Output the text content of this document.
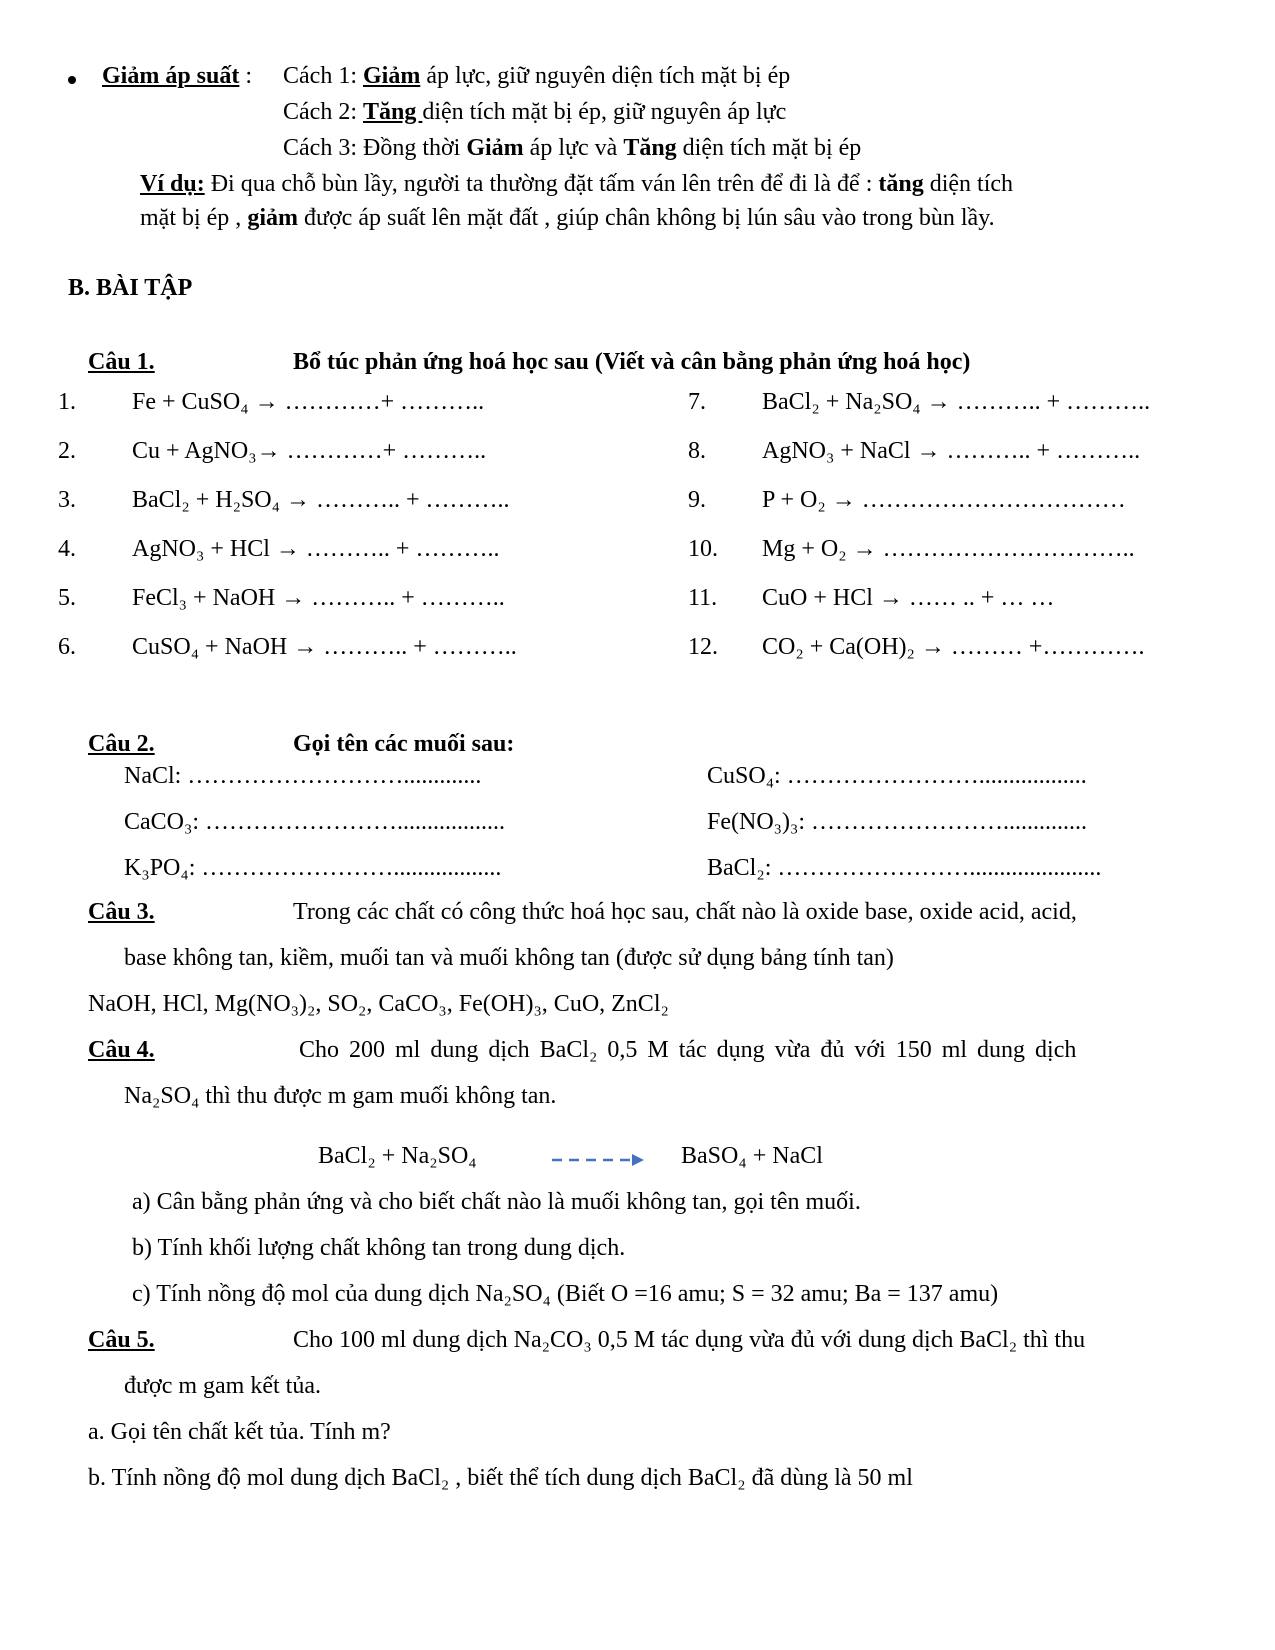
Giảm áp suất : Cách 1: Giảm áp lực, giữ nguyên diện tích mặt bị ép
Cách 2: Tăng diện tích mặt bị ép, giữ nguyên áp lực
Cách 3: Đồng thời Giảm áp lực và Tăng diện tích mặt bị ép
Ví dụ: Đi qua chỗ bùn lầy, người ta thường đặt tấm ván lên trên để đi là để : tăng diện tích
mặt bị ép , giảm được áp suất lên mặt đất , giúp chân không bị lún sâu vào trong bùn lầy.
B. BÀI TẬP
Câu 1.	Bổ túc phản ứng hoá học sau (Viết và cân bằng phản ứng hoá học)
1. Fe + CuSO₄ → …………+ ………..
2. Cu + AgNO₃→ …………+ ………..
3. BaCl₂ + H₂SO₄ → ……….. + ………..
4. AgNO₃ + HCl → ……….. + ………..
5. FeCl₃ + NaOH → ……….. + ………..
6. CuSO₄ + NaOH → ……….. + ………..
7. BaCl₂ + Na₂SO₄ → ……….. + ………..
8. AgNO₃ + NaCl → ……….. + ………..
9. P + O₂ → ……………………………
10. Mg + O₂ → …………………………..
11. CuO + HCl → …… .. + … …
12. CO₂ + Ca(OH)₂ → ……… +………….
Câu 2.	Gọi tên các muối sau:
NaCl: ……………………….............	CuSO₄: ……………………..................
CaCO₃: ……………………..................	Fe(NO₃)₃: ……………………..............
K₃PO₄: ……………………..................	BaCl₂: ……………………......................
Câu 3.	Trong các chất có công thức hoá học sau, chất nào là oxide base, oxide acid, acid,
base không tan, kiềm, muối tan và muối không tan (được sử dụng bảng tính tan)
NaOH, HCl, Mg(NO₃)₂, SO₂, CaCO₃, Fe(OH)₃, CuO, ZnCl₂
Câu 4.	Cho 200 ml dung dịch BaCl₂ 0,5 M tác dụng vừa đủ với 150 ml dung dịch
Na₂SO₄ thì thu được m gam muối không tan.
BaCl₂ + Na₂SO₄	→ BaSO₄ + NaCl
a) Cân bằng phản ứng và cho biết chất nào là muối không tan, gọi tên muối.
b) Tính khối lượng chất không tan trong dung dịch.
c) Tính nồng độ mol của dung dịch Na₂SO₄ (Biết O =16 amu; S = 32 amu; Ba = 137 amu)
Câu 5.	Cho 100 ml dung dịch Na₂CO₃ 0,5 M tác dụng vừa đủ với dung dịch BaCl₂ thì thu
được m gam kết tủa.
a. Gọi tên chất kết tủa. Tính m?
b. Tính nồng độ mol dung dịch BaCl₂ , biết thể tích dung dịch BaCl₂ đã dùng là 50 ml
